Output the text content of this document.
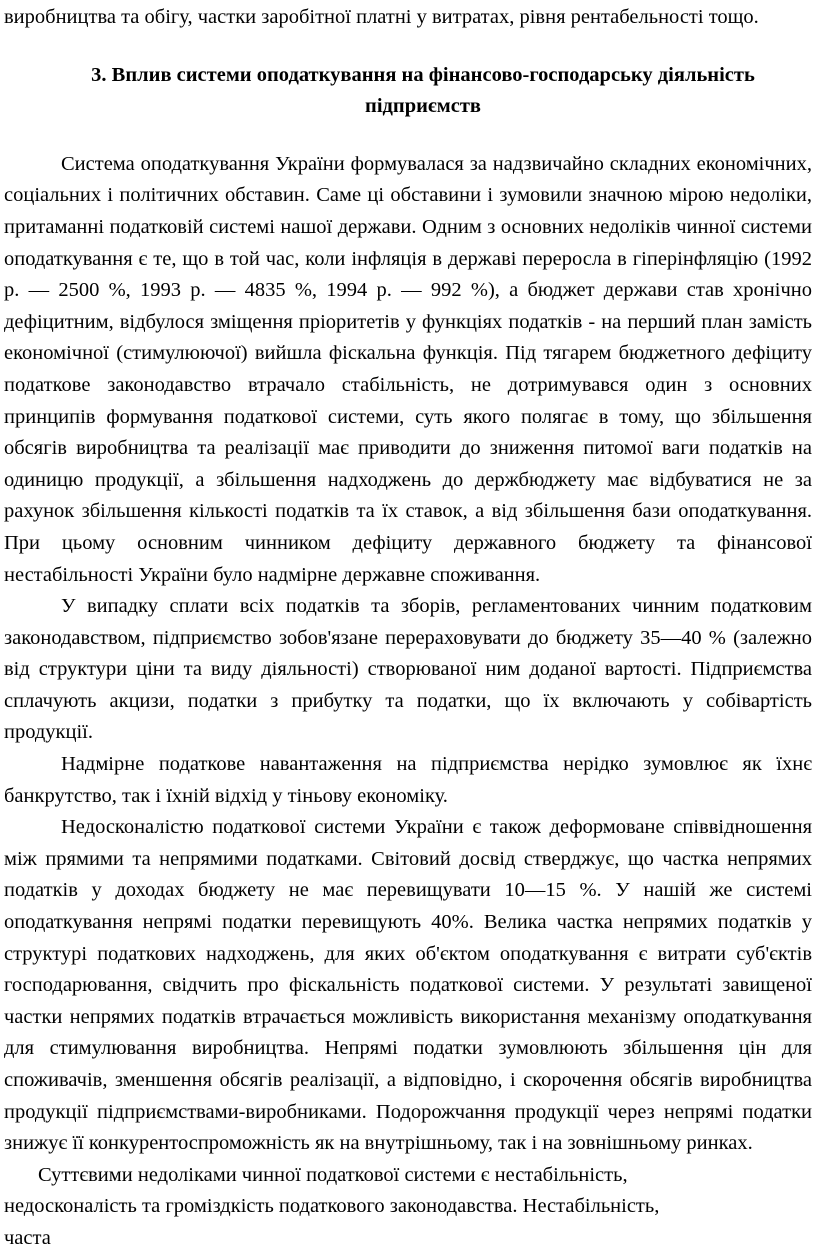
виробництва та обігу, частки заробітної платні у витратах, рівня рентабельності тощо.

3. Вплив системи оподаткування на фінансово-господарську діяльність підприємств

Система оподаткування України формувалася за надзвичайно складних економічних, соціальних і політичних обставин. Саме ці обставини і зумовили значною мірою недоліки, притаманні податковій системі нашої держави. Одним з основних недоліків чинної системи оподаткування є те, що в той час, коли інфляція в державі переросла в гіперінфляцію (1992 р. — 2500 %, 1993 р. — 4835 %, 1994 р. — 992 %), а бюджет держави став хронічно дефіцитним, відбулося зміщення пріоритетів у функціях податків - на перший план замість економічної (стимулюючої) вийшла фіскальна функція. Під тягарем бюджетного дефіциту податкове законодавство втрачало стабільність, не дотримувався один з основних принципів формування податкової системи, суть якого полягає в тому, що збільшення обсягів виробництва та реалізації має приводити до зниження питомої ваги податків на одиницю продукції, а збільшення надходжень до держбюджету має відбуватися не за рахунок збільшення кількості податків та їх ставок, а від збільшення бази оподаткування. При цьому основним чинником дефіциту державного бюджету та фінансової нестабільності України було надмірне державне споживання.

У випадку сплати всіх податків та зборів, регламентованих чинним податковим законодавством, підприємство зобов'язане перераховувати до бюджету 35—40 % (залежно від структури ціни та виду діяльності) створюваної ним доданої вартості. Підприємства сплачують акцизи, податки з прибутку та податки, що їх включають у собівартість продукції.

Надмірне податкове навантаження на підприємства нерідко зумовлює як їхнє банкрутство, так і їхній відхід у тіньову економіку.

Недосконалістю податкової системи України є також деформоване співвідношення між прямими та непрямими податками. Світовий досвід стверджує, що частка непрямих податків у доходах бюджету не має перевищувати 10—15 %. У нашій же системі оподаткування непрямі податки перевищують 40%. Велика частка непрямих податків у структурі податкових надходжень, для яких об'єктом оподаткування є витрати суб'єктів господарювання, свідчить про фіскальність податкової системи. У результаті завищеної частки непрямих податків втрачається можливість використання механізму оподаткування для стимулювання виробництва. Непрямі податки зумовлюють збільшення цін для споживачів, зменшення обсягів реалізації, а відповідно, і скорочення обсягів виробництва продукції підприємствами-виробниками. Подорожчання продукції через непрямі податки знижує її конкурентоспроможність як на внутрішньому, так і на зовнішньому ринках.

Суттєвими недоліками чинної податкової системи є нестабільність,
недосконалість та громіздкість податкового законодавства. Нестабільність,
часта
